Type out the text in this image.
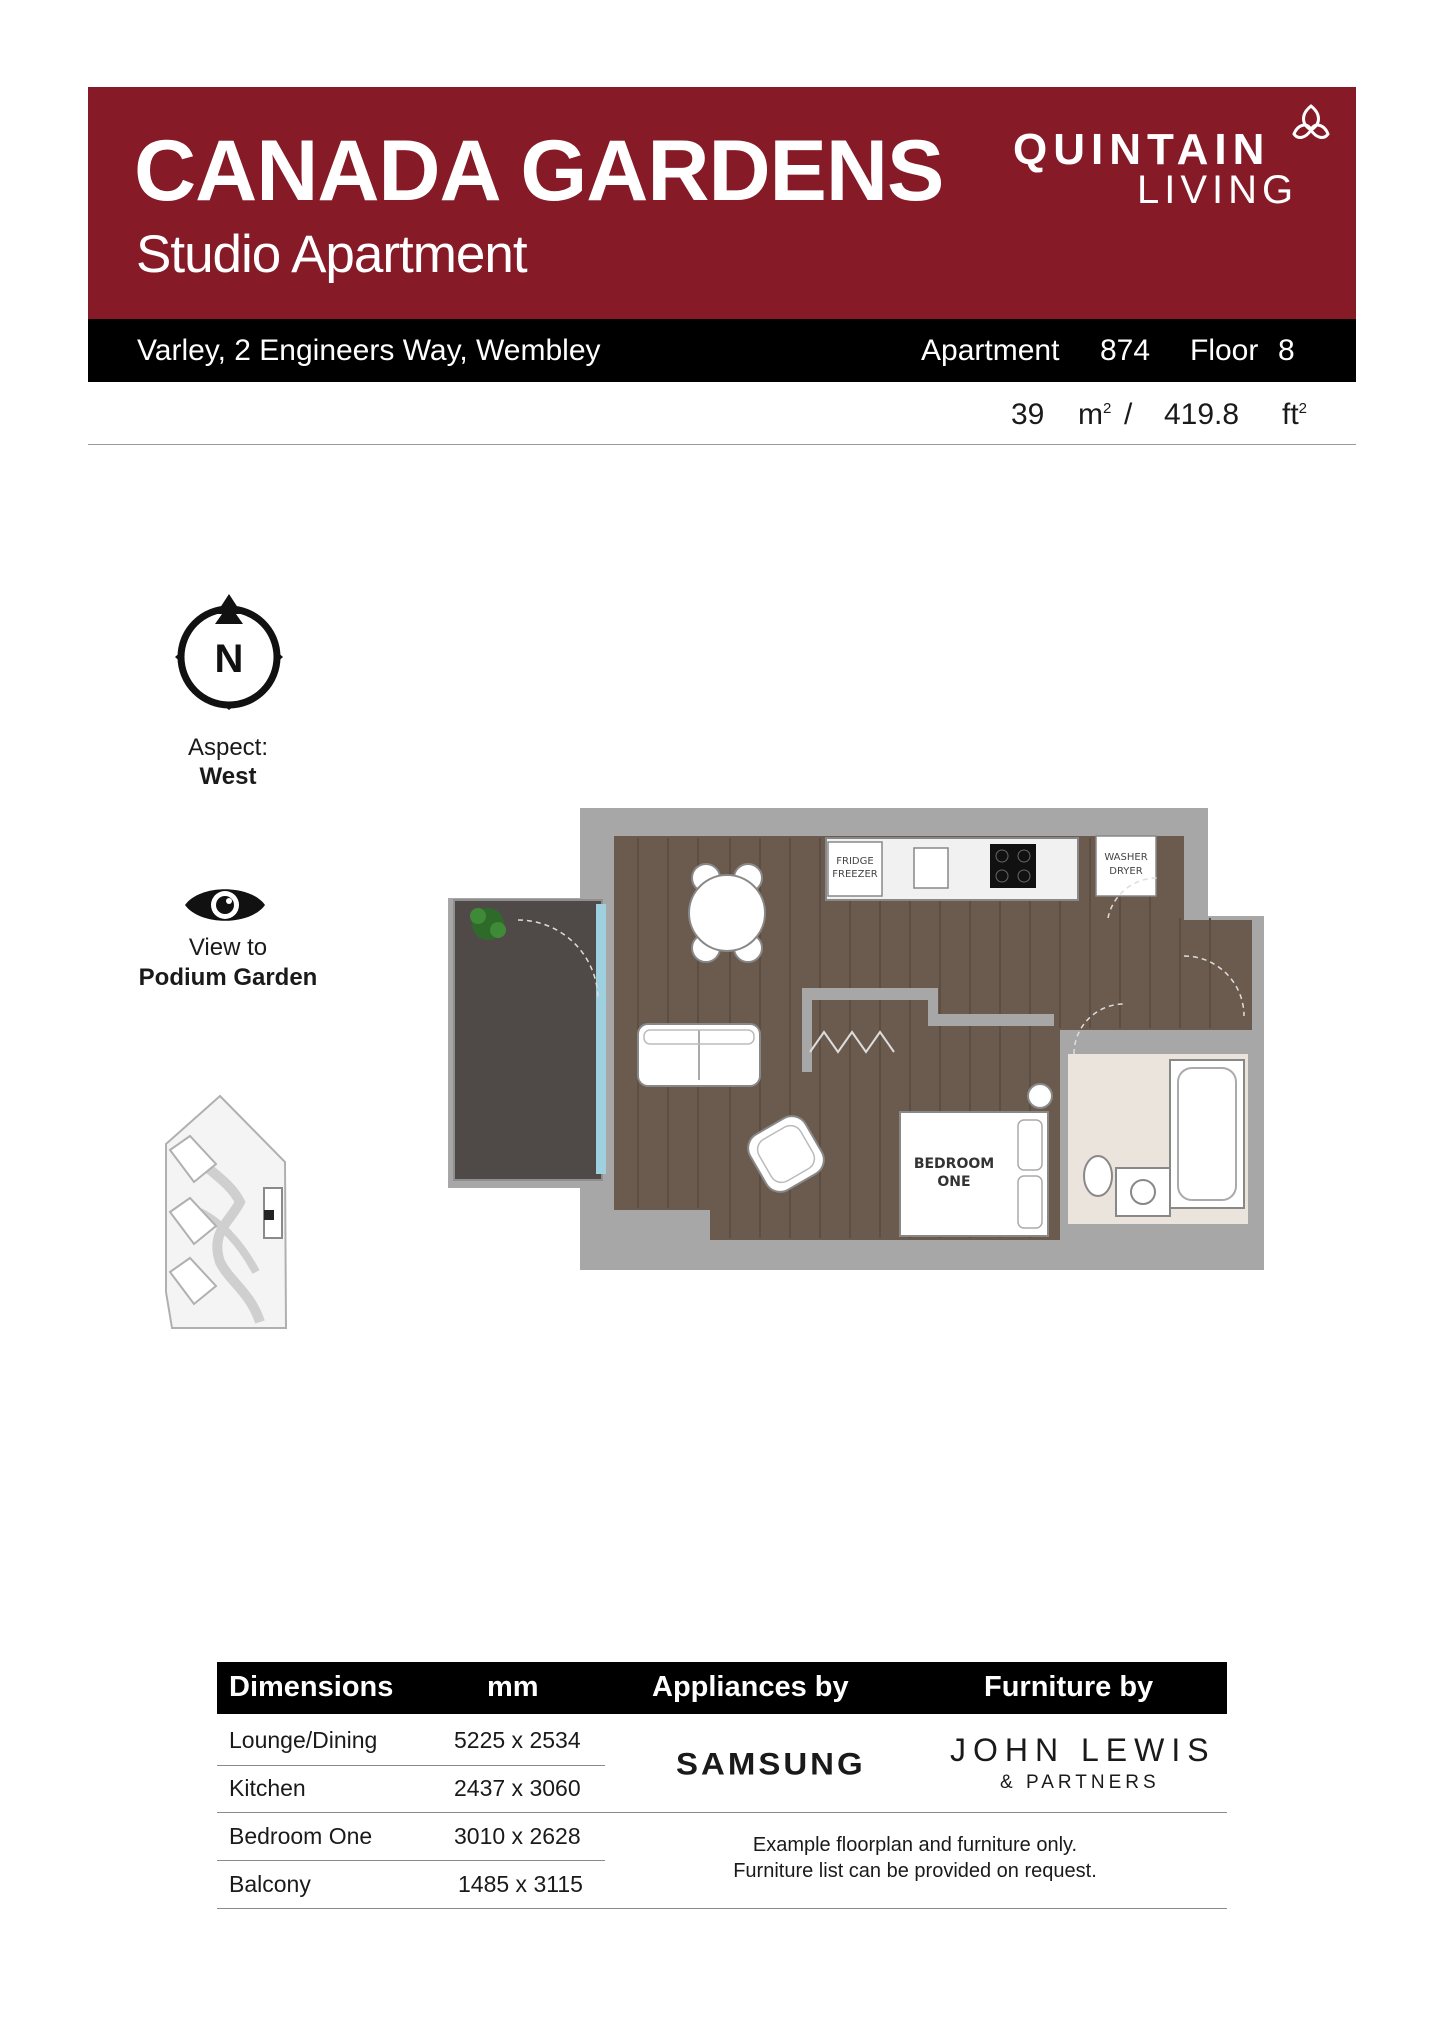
CANADA GARDENS
Studio Apartment
QUINTAIN
LIVING
Varley, 2 Engineers Way, Wembley	Apartment 874 Floor 8
39 $m^2 / 419.8$ $ft^2$
N
Aspect:
West
View to
Podium Garden
FRIDGE
FREEZER
WASHER
DRYER
BEDROOM
ONE
Dimensions	mm	Appliances by	Furniture by
Lounge/Dining	5225 x 2534
Kitchen	2437 x 3060
Bedroom One	3010 x 2628
Balcony	1485 x 3115
SAMSUNG	JOHN LEWIS
& PARTNERS
Example floorplan and furniture only.
Furniture list can be provided on request.
